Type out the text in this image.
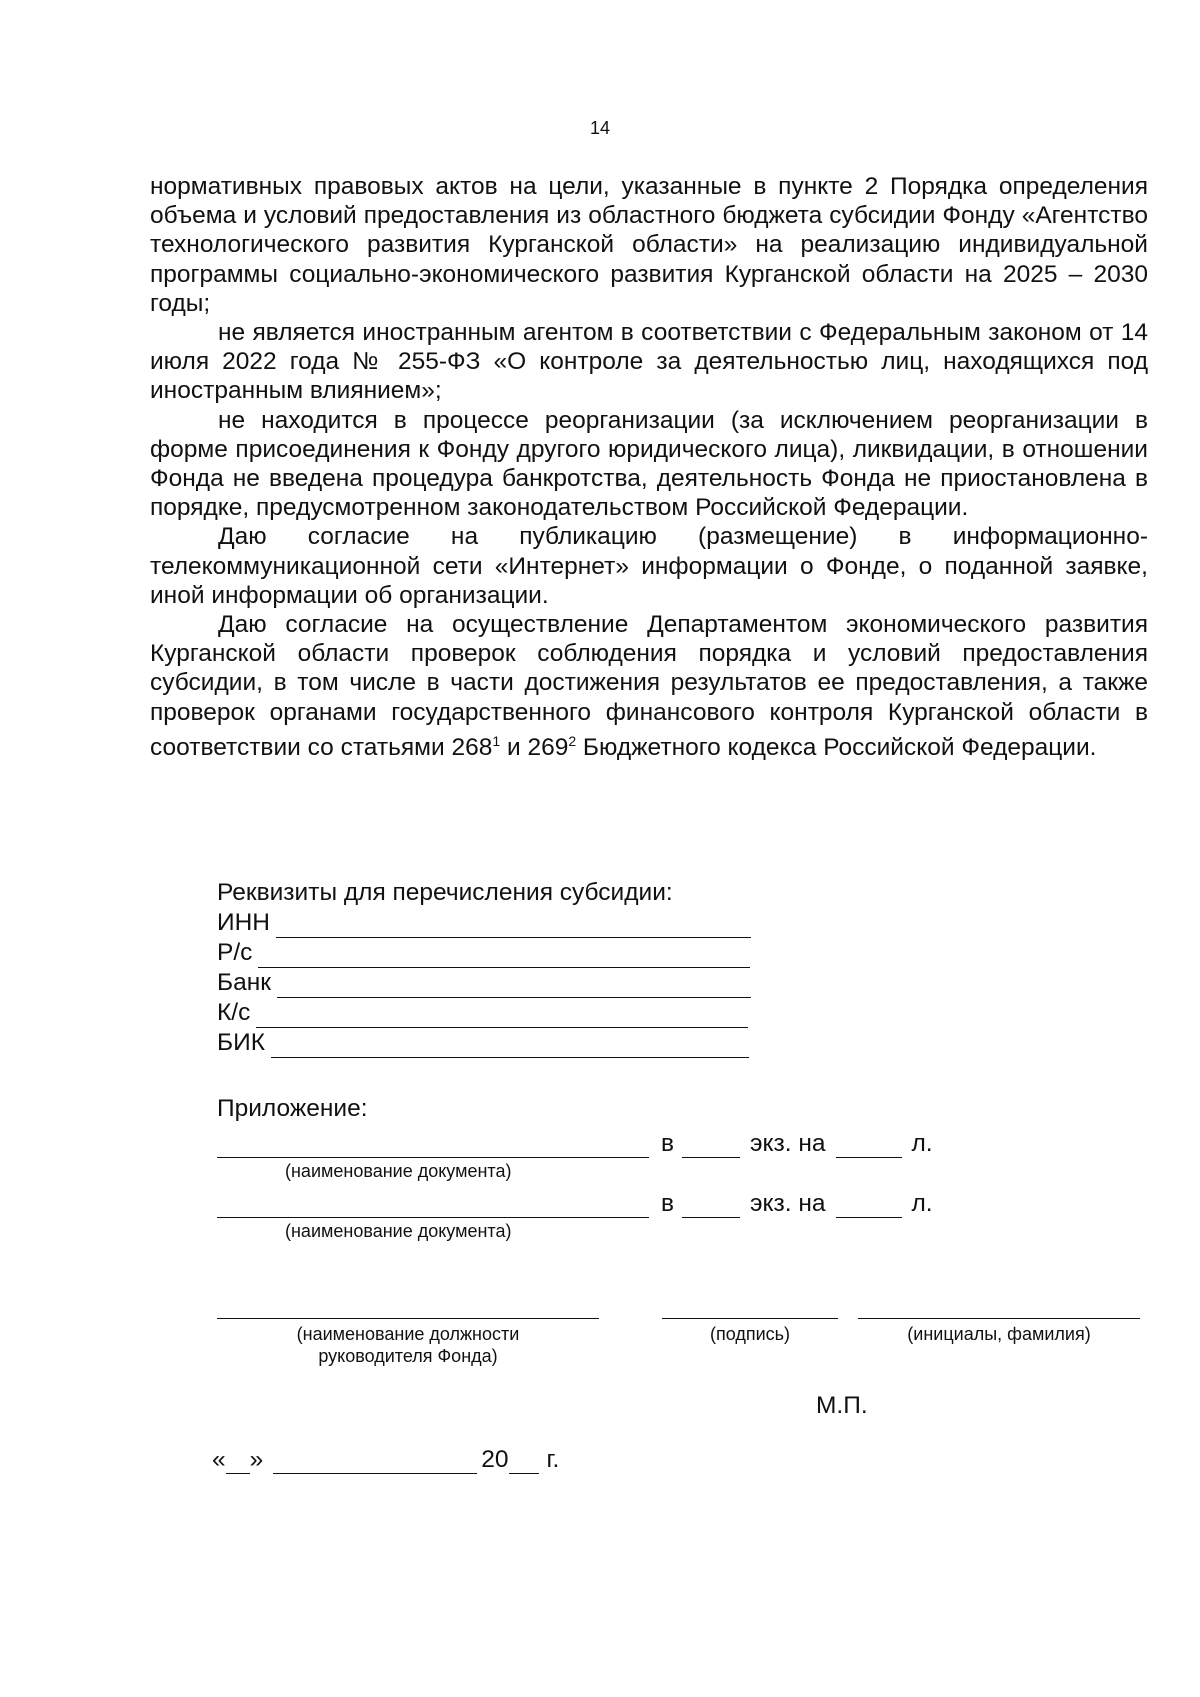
14

нормативных правовых актов на цели, указанные в пункте 2 Порядка определения объема и условий предоставления из областного бюджета субсидии Фонду «Агентство технологического развития Курганской области» на реализацию индивидуальной программы социально-экономического развития Курганской области на 2025 – 2030 годы;

не является иностранным агентом в соответствии с Федеральным законом от 14 июля 2022 года № 255-ФЗ «О контроле за деятельностью лиц, находящихся под иностранным влиянием»;

не находится в процессе реорганизации (за исключением реорганизации в форме присоединения к Фонду другого юридического лица), ликвидации, в отношении Фонда не введена процедура банкротства, деятельность Фонда не приостановлена в порядке, предусмотренном законодательством Российской Федерации.

Даю согласие на публикацию (размещение) в информационно-телекоммуникационной сети «Интернет» информации о Фонде, о поданной заявке, иной информации об организации.

Даю согласие на осуществление Департаментом экономического развития Курганской области проверок соблюдения порядка и условий предоставления субсидии, в том числе в части достижения результатов ее предоставления, а также проверок органами государственного финансового контроля Курганской области в соответствии со статьями $268^1$ и $269^2$ Бюджетного кодекса Российской Федерации.

Реквизиты для перечисления субсидии:
ИНН
Р/с
Банк
К/с
БИК
Приложение:
в	экз. на	л.
(наименование документа)
в	экз. на	л.
(наименование документа)
(наименование должности руководителя Фонда)
(подпись)	(инициалы, фамилия)
М.П.
« »	20 г.
